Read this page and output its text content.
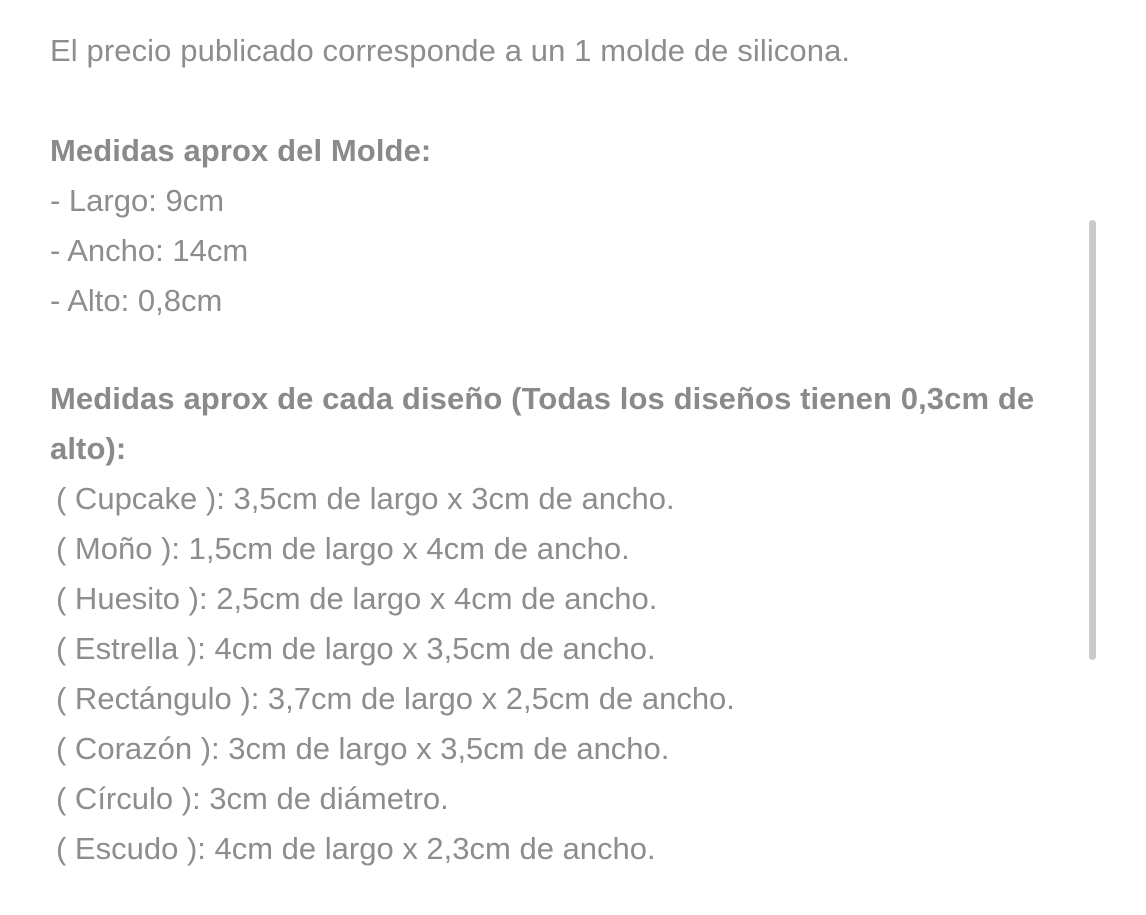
El precio publicado corresponde a un 1 molde de silicona.
Medidas aprox del Molde:
- Largo: 9cm
- Ancho: 14cm
- Alto: 0,8cm
Medidas aprox de cada diseño (Todas los diseños tienen 0,3cm de alto):
( Cupcake ): 3,5cm de largo x 3cm de ancho.
( Moño ): 1,5cm de largo x 4cm de ancho.
( Huesito ): 2,5cm de largo x 4cm de ancho.
( Estrella ): 4cm de largo x 3,5cm de ancho.
( Rectángulo ): 3,7cm de largo x 2,5cm de ancho.
( Corazón ): 3cm de largo x 3,5cm de ancho.
( Círculo ): 3cm de diámetro.
( Escudo ): 4cm de largo x 2,3cm de ancho.
